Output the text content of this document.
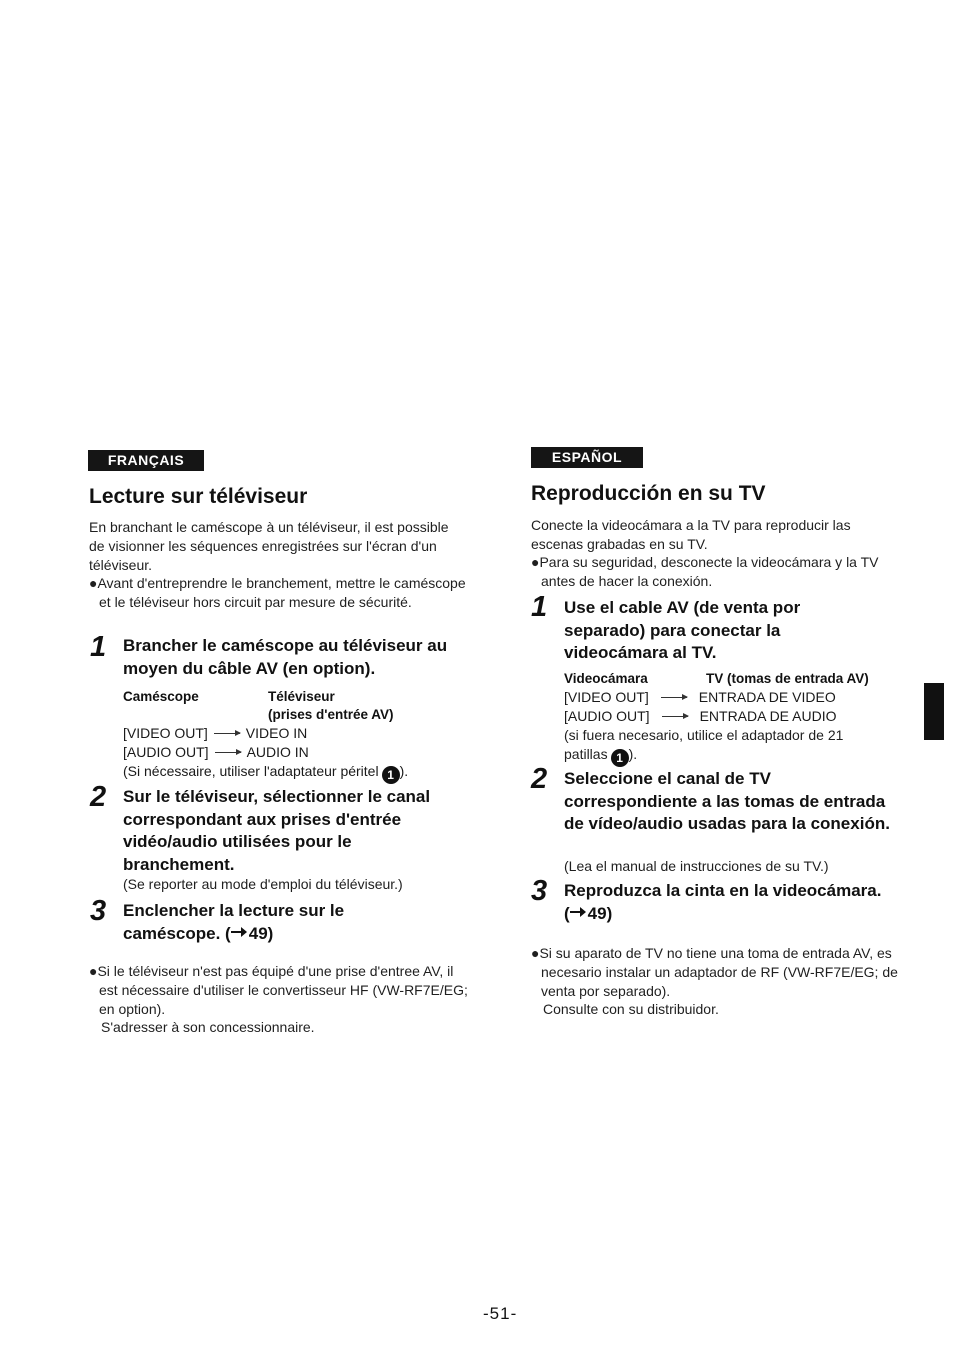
FRANÇAIS
Lecture sur téléviseur
En branchant le caméscope à un téléviseur, il est possible de visionner les séquences enregistrées sur l'écran d'un téléviseur.
●Avant d'entreprendre le branchement, mettre le caméscope et le téléviseur hors circuit par mesure de sécurité.
1 Brancher le caméscope au téléviseur au moyen du câble AV (en option).
Caméscope	Téléviseur
(prises d'entrée AV)
[VIDEO OUT]	VIDEO IN
[AUDIO OUT]	AUDIO IN
(Si nécessaire, utiliser l'adaptateur péritel 1 ).
2 Sur le téléviseur, sélectionner le canal correspondant aux prises d'entrée vidéo/audio utilisées pour le branchement.
(Se reporter au mode d'emploi du téléviseur.)
3 Enclencher la lecture sur le
caméscope. ( 49)
●Si le téléviseur n'est pas équipé d'une prise d'entree AV, il est nécessaire d'utiliser le convertisseur HF (VW-RF7E/EG; en option).
S'adresser à son concessionnaire.
ESPAÑOL
Reproducción en su TV
Conecte la videocámara a la TV para reproducir las escenas grabadas en su TV.
●Para su seguridad, desconecte la videocámara y la TV antes de hacer la conexión.
1 Use el cable AV (de venta por separado) para conectar la videocámara al TV.
Videocámara	TV (tomas de entrada AV)
[VIDEO OUT]	ENTRADA DE VIDEO
[AUDIO OUT]	ENTRADA DE AUDIO
(si fuera necesario, utilice el adaptador de 21 patillas 1 ).
2 Seleccione el canal de TV correspondiente a las tomas de entrada de vídeo/audio usadas para la conexión.
(Lea el manual de instrucciones de su TV.)
3 Reproduzca la cinta en la videocámara.
( 49)
●Si su aparato de TV no tiene una toma de entrada AV, es necesario instalar un adaptador de RF (VW-RF7E/EG; de venta por separado).
Consulte con su distribuidor.
-51-
